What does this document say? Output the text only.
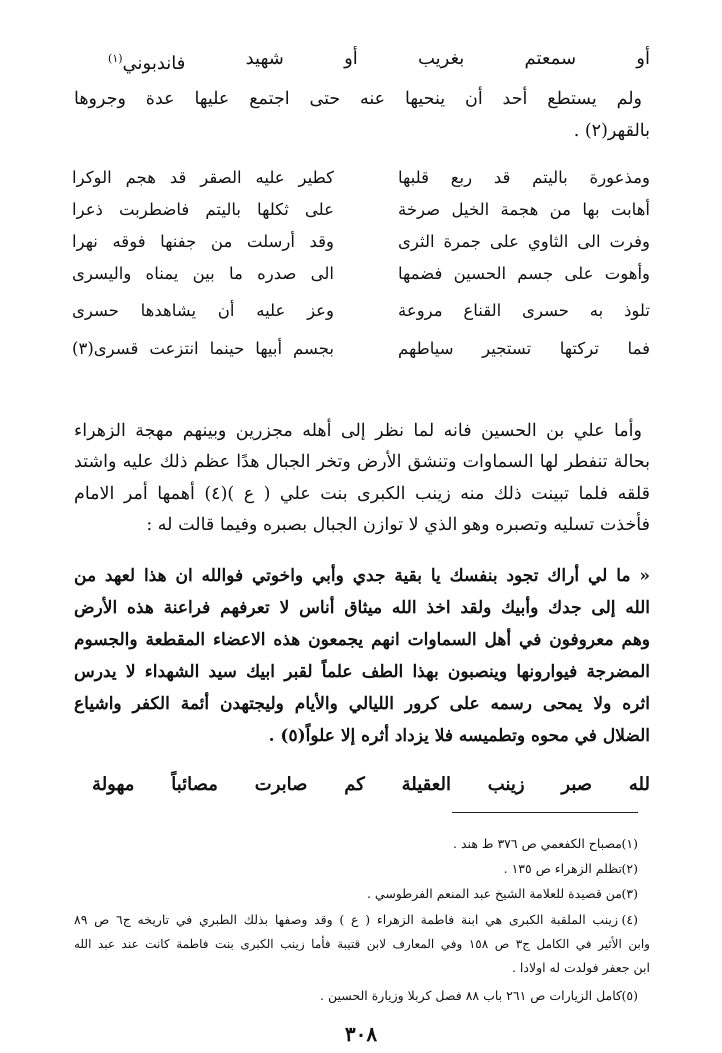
أو
سمعتم
بغريب
أو
شهيد
فاندبوني$^{(١)}$
ولم يستطع أحد أن ينحيها عنه حتى اجتمع عليها عدة وجروها
بالقهر(٢) .
ومذعورة باليتم قد ربع قلبها
أهابت بها من هجمة الخيل صرخة
وفرت الى الثاوي على جمرة الثرى
وأهوت على جسم الحسين فضمها
تلوذ به حسرى القناع مروعة
فما تركتها تستجير سياطهم
كطير عليه الصقر قد هجم الوكرا
على ثكلها باليتم فاضطربت ذعرا
وقد أرسلت من جفنها فوقه نهرا
الى صدره ما بين يمناه واليسرى
وعز عليه أن يشاهدها حسرى
بجسم أبيها حينما انتزعت قسرى(٣)
وأما علي بن الحسين فانه لما نظر إلى أهله مجزرين وبينهم مهجة الزهراء
بحالة تنفطر لها السماوات وتنشق الأرض وتخر الجبال هدًا عظم ذلك عليه واشتد
قلقه فلما تبينت ذلك منه زينب الكبرى بنت علي ( ع )(٤) أهمها أمر الامام
فأخذت تسليه وتصبره وهو الذي لا توازن الجبال بصبره وفيما قالت له :
« ما لي أراك تجود بنفسك يا بقية جدي وأبي واخوتي فوالله ان هذا لعهد من
الله إلى جدك وأبيك ولقد اخذ الله ميثاق أناس لا تعرفهم فراعنة هذه الأرض
وهم معروفون في أهل السماوات انهم يجمعون هذه الاعضاء المقطعة والجسوم
المضرجة فيوارونها وينصبون بهذا الطف علماً لقبر ابيك سيد الشهداء لا يدرس
اثره ولا يمحى رسمه على كرور الليالي والأيام وليجتهدن أئمة الكفر واشياع
الضلال في محوه وتطميسه فلا يزداد أثره إلا علواً(٥) .
لله
صبر
زينب
العقيلة
كم
صابرت
مصائباً
مهولة
(١)
مصباح الكفعمي ص ٣٧٦ ط هند .
(٢)
تظلم الزهراء ص ١٣٥ .
(٣)
من قصيدة للعلامة الشيخ عبد المنعم الفرطوسي .
(٤)
زينب الملقبة الكبرى هي ابنة فاطمة الزهراء ( ع ) وقد وصفها بذلك الطبري في تاريخه ج٦ ص ٨٩
وابن الأثير في الكامل ج٣ ص ١٥٨ وفي المعارف لابن قتيبة فأما زينب الكبرى بنت فاطمة كانت عند عبد الله
ابن جعفر فولدت له اولادا .
(٥)
كامل الزيارات ص ٢٦١ باب ٨٨ فصل كربلا وزيارة الحسين .
٣٠٨
